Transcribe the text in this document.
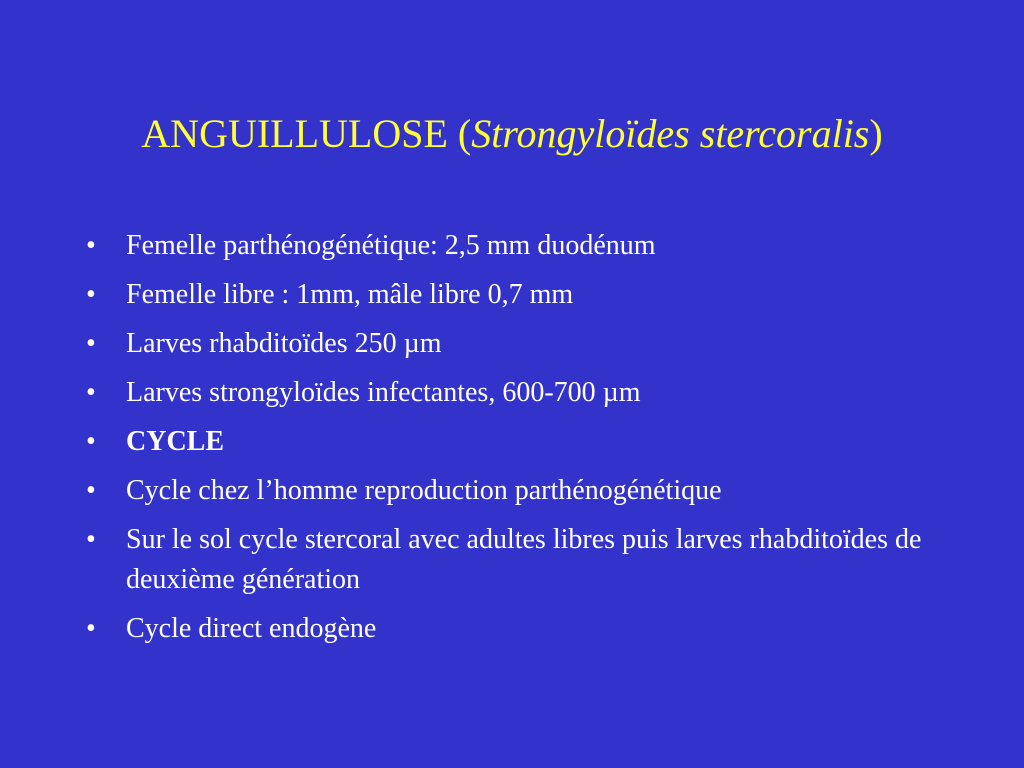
ANGUILLULOSE (Strongyloïdes stercoralis)
•	Femelle parthénogénétique: 2,5 mm duodénum
•	Femelle libre : 1mm, mâle libre 0,7 mm
•	Larves rhabditoïdes 250 µm
•	Larves strongyloïdes infectantes, 600-700 µm
•	CYCLE
•	Cycle chez l’homme reproduction parthénogénétique
•	Sur le sol cycle stercoral avec adultes libres puis larves rhabditoïdes de deuxième génération
•	Cycle direct endogène
